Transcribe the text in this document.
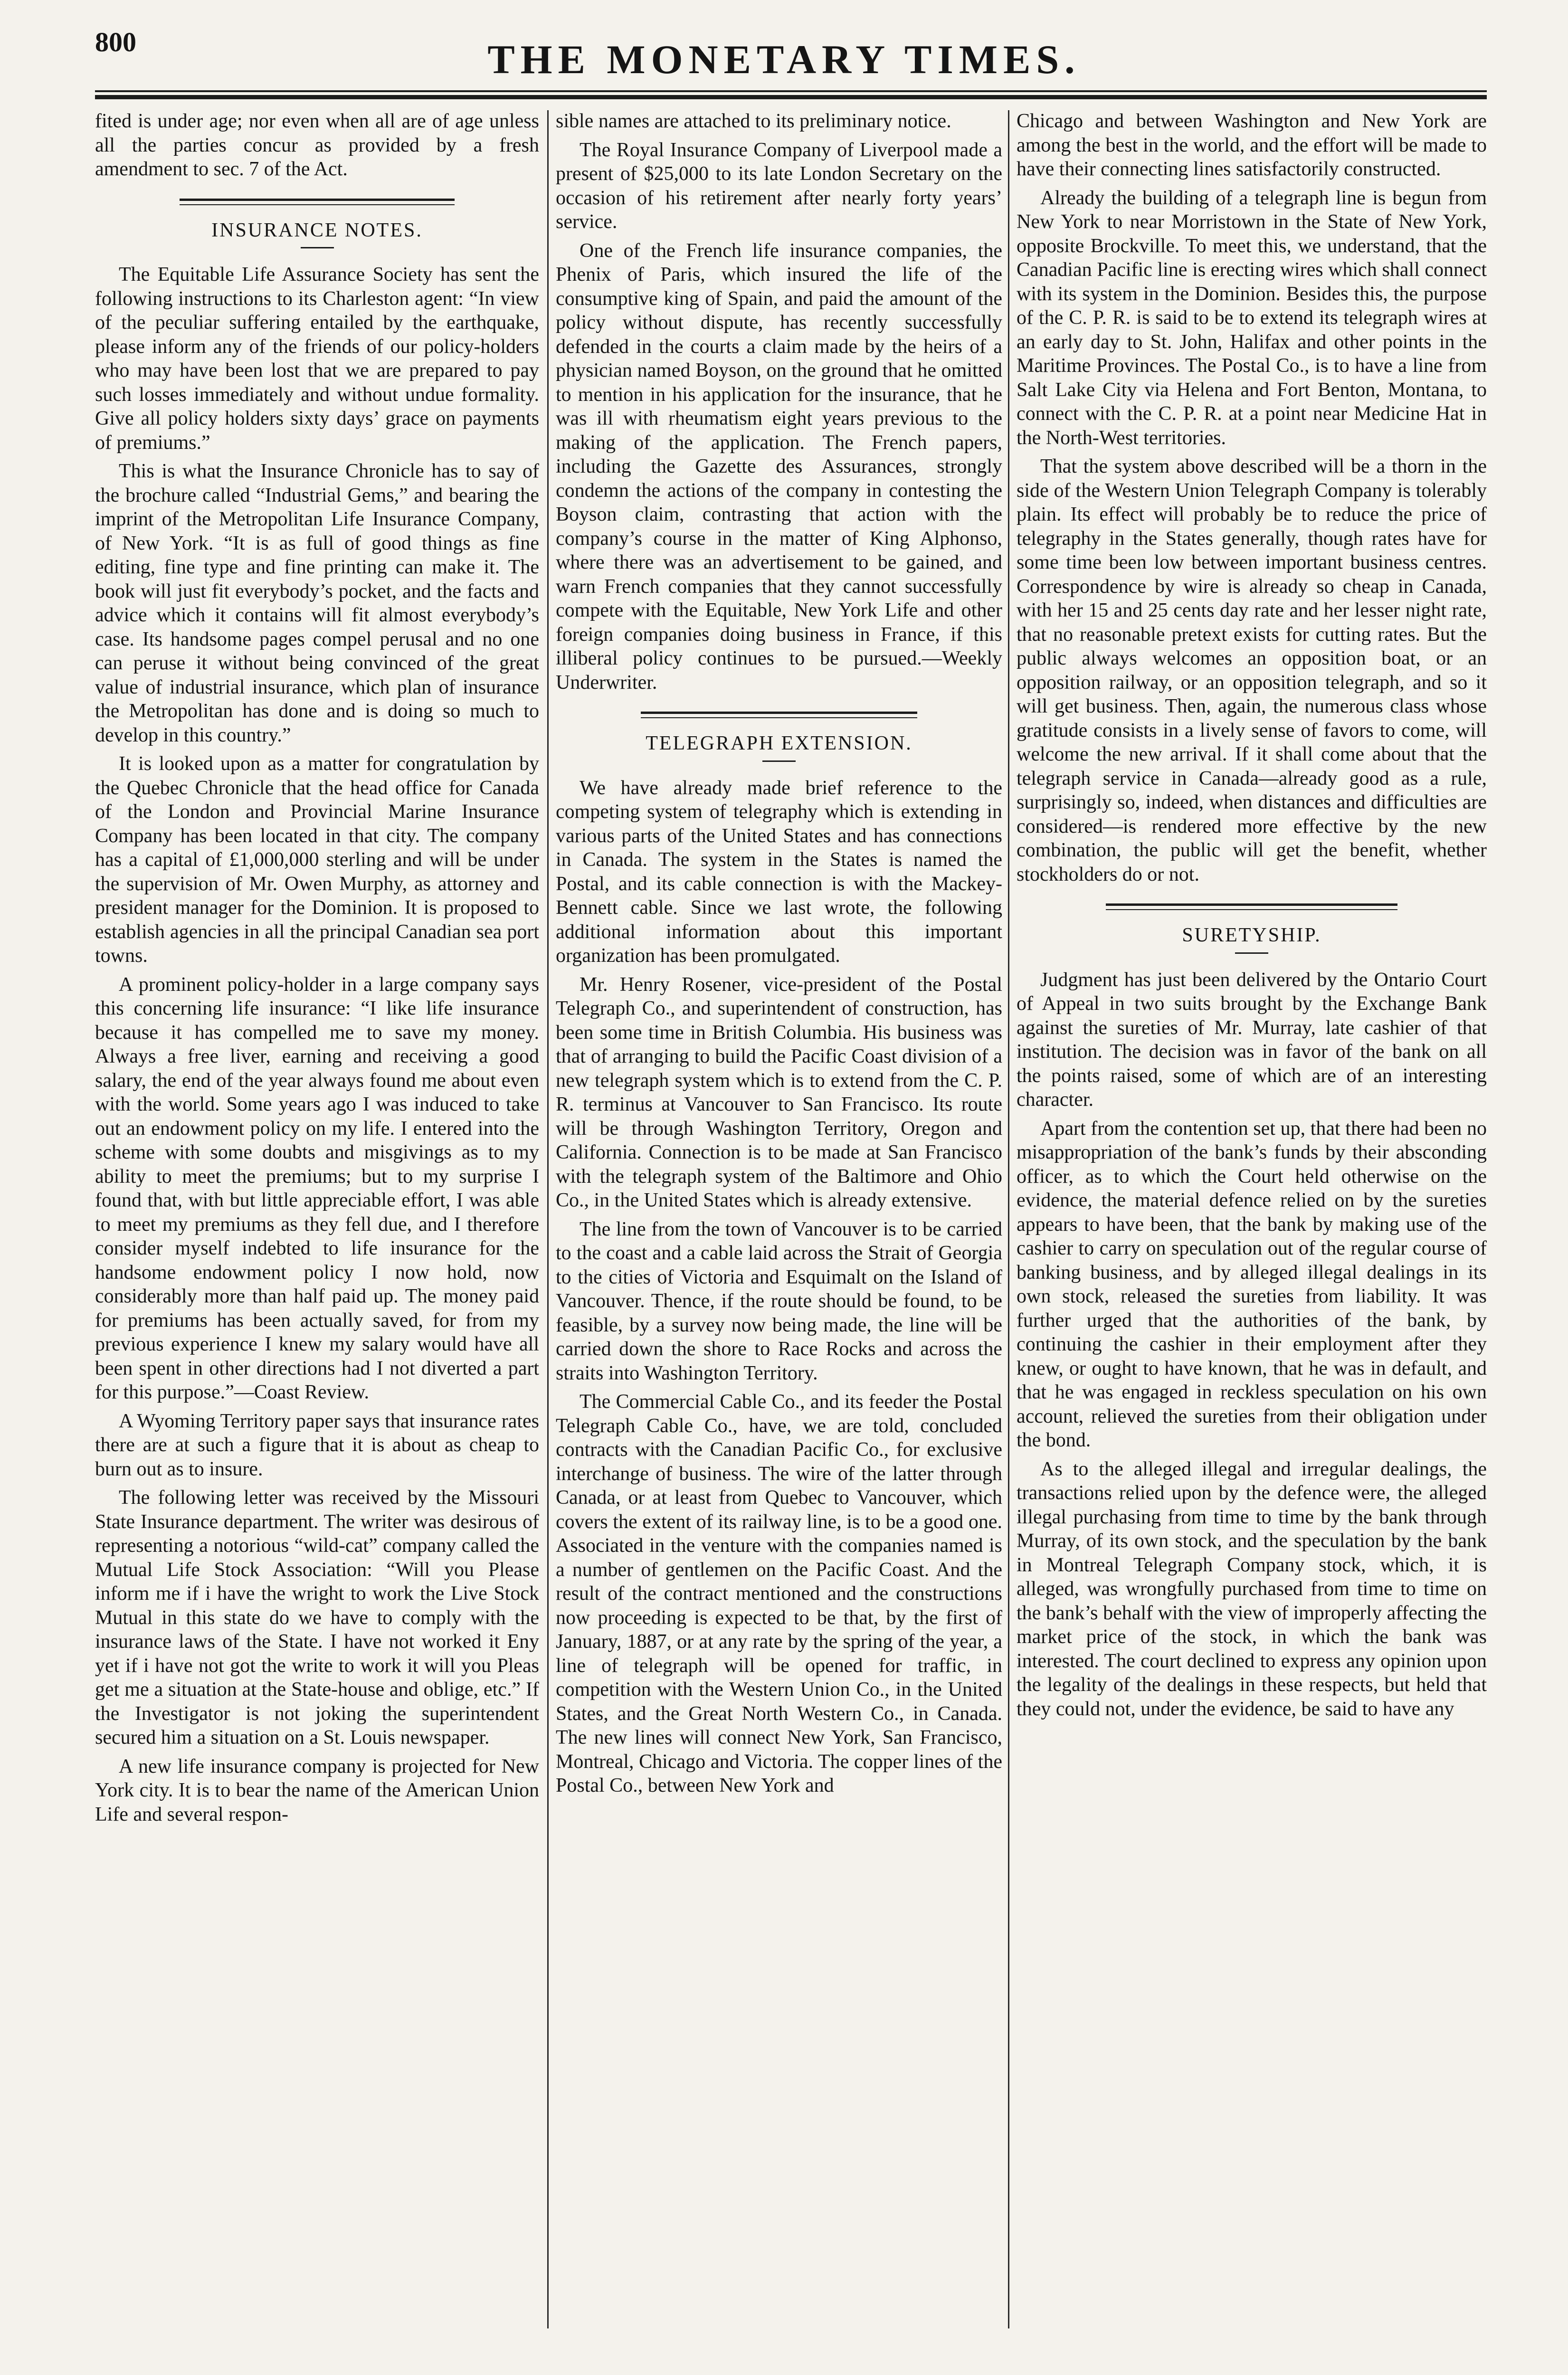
800	THE MONETARY TIMES.

fited is under age; nor even when all are of age unless all the parties concur as provided by a fresh amendment to sec. 7 of the Act.

INSURANCE NOTES.

The Equitable Life Assurance Society has sent the following instructions to its Charleston agent: “In view of the peculiar suffering entailed by the earthquake, please inform any of the friends of our policy-holders who may have been lost that we are prepared to pay such losses immediately and without undue formality. Give all policy holders sixty days’ grace on payments of premiums.”

This is what the Insurance Chronicle has to say of the brochure called “Industrial Gems,” and bearing the imprint of the Metropolitan Life Insurance Company, of New York. “It is as full of good things as fine editing, fine type and fine printing can make it. The book will just fit everybody’s pocket, and the facts and advice which it contains will fit almost everybody’s case. Its handsome pages compel perusal and no one can peruse it without being convinced of the great value of industrial insurance, which plan of insurance the Metropolitan has done and is doing so much to develop in this country.”

It is looked upon as a matter for congratulation by the Quebec Chronicle that the head office for Canada of the London and Provincial Marine Insurance Company has been located in that city. The company has a capital of £1,000,000 sterling and will be under the supervision of Mr. Owen Murphy, as attorney and president manager for the Dominion. It is proposed to establish agencies in all the principal Canadian sea port towns.

A prominent policy-holder in a large company says this concerning life insurance: “I like life insurance because it has compelled me to save my money. Always a free liver, earning and receiving a good salary, the end of the year always found me about even with the world. Some years ago I was induced to take out an endowment policy on my life. I entered into the scheme with some doubts and misgivings as to my ability to meet the premiums; but to my surprise I found that, with but little appreciable effort, I was able to meet my premiums as they fell due, and I therefore consider myself indebted to life insurance for the handsome endowment policy I now hold, now considerably more than half paid up. The money paid for premiums has been actually saved, for from my previous experience I knew my salary would have all been spent in other directions had I not diverted a part for this purpose.”—Coast Review.

A Wyoming Territory paper says that insurance rates there are at such a figure that it is about as cheap to burn out as to insure.

The following letter was received by the Missouri State Insurance department. The writer was desirous of representing a notorious “wild-cat” company called the Mutual Life Stock Association: “Will you Please inform me if i have the wright to work the Live Stock Mutual in this state do we have to comply with the insurance laws of the State. I have not worked it Eny yet if i have not got the write to work it will you Pleas get me a situation at the State-house and oblige, etc.” If the Investigator is not joking the superintendent secured him a situation on a St. Louis newspaper.

A new life insurance company is projected for New York city. It is to bear the name of the American Union Life and several respon-

sible names are attached to its preliminary notice.

The Royal Insurance Company of Liverpool made a present of $25,000 to its late London Secretary on the occasion of his retirement after nearly forty years’ service.

One of the French life insurance companies, the Phenix of Paris, which insured the life of the consumptive king of Spain, and paid the amount of the policy without dispute, has recently successfully defended in the courts a claim made by the heirs of a physician named Boyson, on the ground that he omitted to mention in his application for the insurance, that he was ill with rheumatism eight years previous to the making of the application. The French papers, including the Gazette des Assurances, strongly condemn the actions of the company in contesting the Boyson claim, contrasting that action with the company’s course in the matter of King Alphonso, where there was an advertisement to be gained, and warn French companies that they cannot successfully compete with the Equitable, New York Life and other foreign companies doing business in France, if this illiberal policy continues to be pursued.—Weekly Underwriter.

TELEGRAPH EXTENSION.

We have already made brief reference to the competing system of telegraphy which is extending in various parts of the United States and has connections in Canada. The system in the States is named the Postal, and its cable connection is with the Mackey-Bennett cable. Since we last wrote, the following additional information about this important organization has been promulgated.

Mr. Henry Rosener, vice-president of the Postal Telegraph Co., and superintendent of construction, has been some time in British Columbia. His business was that of arranging to build the Pacific Coast division of a new telegraph system which is to extend from the C. P. R. terminus at Vancouver to San Francisco. Its route will be through Washington Territory, Oregon and California. Connection is to be made at San Francisco with the telegraph system of the Baltimore and Ohio Co., in the United States which is already extensive.

The line from the town of Vancouver is to be carried to the coast and a cable laid across the Strait of Georgia to the cities of Victoria and Esquimalt on the Island of Vancouver. Thence, if the route should be found, to be feasible, by a survey now being made, the line will be carried down the shore to Race Rocks and across the straits into Washington Territory.

The Commercial Cable Co., and its feeder the Postal Telegraph Cable Co., have, we are told, concluded contracts with the Canadian Pacific Co., for exclusive interchange of business. The wire of the latter through Canada, or at least from Quebec to Vancouver, which covers the extent of its railway line, is to be a good one. Associated in the venture with the companies named is a number of gentlemen on the Pacific Coast. And the result of the contract mentioned and the constructions now proceeding is expected to be that, by the first of January, 1887, or at any rate by the spring of the year, a line of telegraph will be opened for traffic, in competition with the Western Union Co., in the United States, and the Great North Western Co., in Canada. The new lines will connect New York, San Francisco, Montreal, Chicago and Victoria. The copper lines of the Postal Co., between New York and

Chicago and between Washington and New York are among the best in the world, and the effort will be made to have their connecting lines satisfactorily constructed.

Already the building of a telegraph line is begun from New York to near Morristown in the State of New York, opposite Brockville. To meet this, we understand, that the Canadian Pacific line is erecting wires which shall connect with its system in the Dominion. Besides this, the purpose of the C. P. R. is said to be to extend its telegraph wires at an early day to St. John, Halifax and other points in the Maritime Provinces. The Postal Co., is to have a line from Salt Lake City via Helena and Fort Benton, Montana, to connect with the C. P. R. at a point near Medicine Hat in the North-West territories.

That the system above described will be a thorn in the side of the Western Union Telegraph Company is tolerably plain. Its effect will probably be to reduce the price of telegraphy in the States generally, though rates have for some time been low between important business centres. Correspondence by wire is already so cheap in Canada, with her 15 and 25 cents day rate and her lesser night rate, that no reasonable pretext exists for cutting rates. But the public always welcomes an opposition boat, or an opposition railway, or an opposition telegraph, and so it will get business. Then, again, the numerous class whose gratitude consists in a lively sense of favors to come, will welcome the new arrival. If it shall come about that the telegraph service in Canada—already good as a rule, surprisingly so, indeed, when distances and difficulties are considered—is rendered more effective by the new combination, the public will get the benefit, whether stockholders do or not.

SURETYSHIP.

Judgment has just been delivered by the Ontario Court of Appeal in two suits brought by the Exchange Bank against the sureties of Mr. Murray, late cashier of that institution. The decision was in favor of the bank on all the points raised, some of which are of an interesting character.

Apart from the contention set up, that there had been no misappropriation of the bank’s funds by their absconding officer, as to which the Court held otherwise on the evidence, the material defence relied on by the sureties appears to have been, that the bank by making use of the cashier to carry on speculation out of the regular course of banking business, and by alleged illegal dealings in its own stock, released the sureties from liability. It was further urged that the authorities of the bank, by continuing the cashier in their employment after they knew, or ought to have known, that he was in default, and that he was engaged in reckless speculation on his own account, relieved the sureties from their obligation under the bond.

As to the alleged illegal and irregular dealings, the transactions relied upon by the defence were, the alleged illegal purchasing from time to time by the bank through Murray, of its own stock, and the speculation by the bank in Montreal Telegraph Company stock, which, it is alleged, was wrongfully purchased from time to time on the bank’s behalf with the view of improperly affecting the market price of the stock, in which the bank was interested. The court declined to express any opinion upon the legality of the dealings in these respects, but held that they could not, under the evidence, be said to have any
